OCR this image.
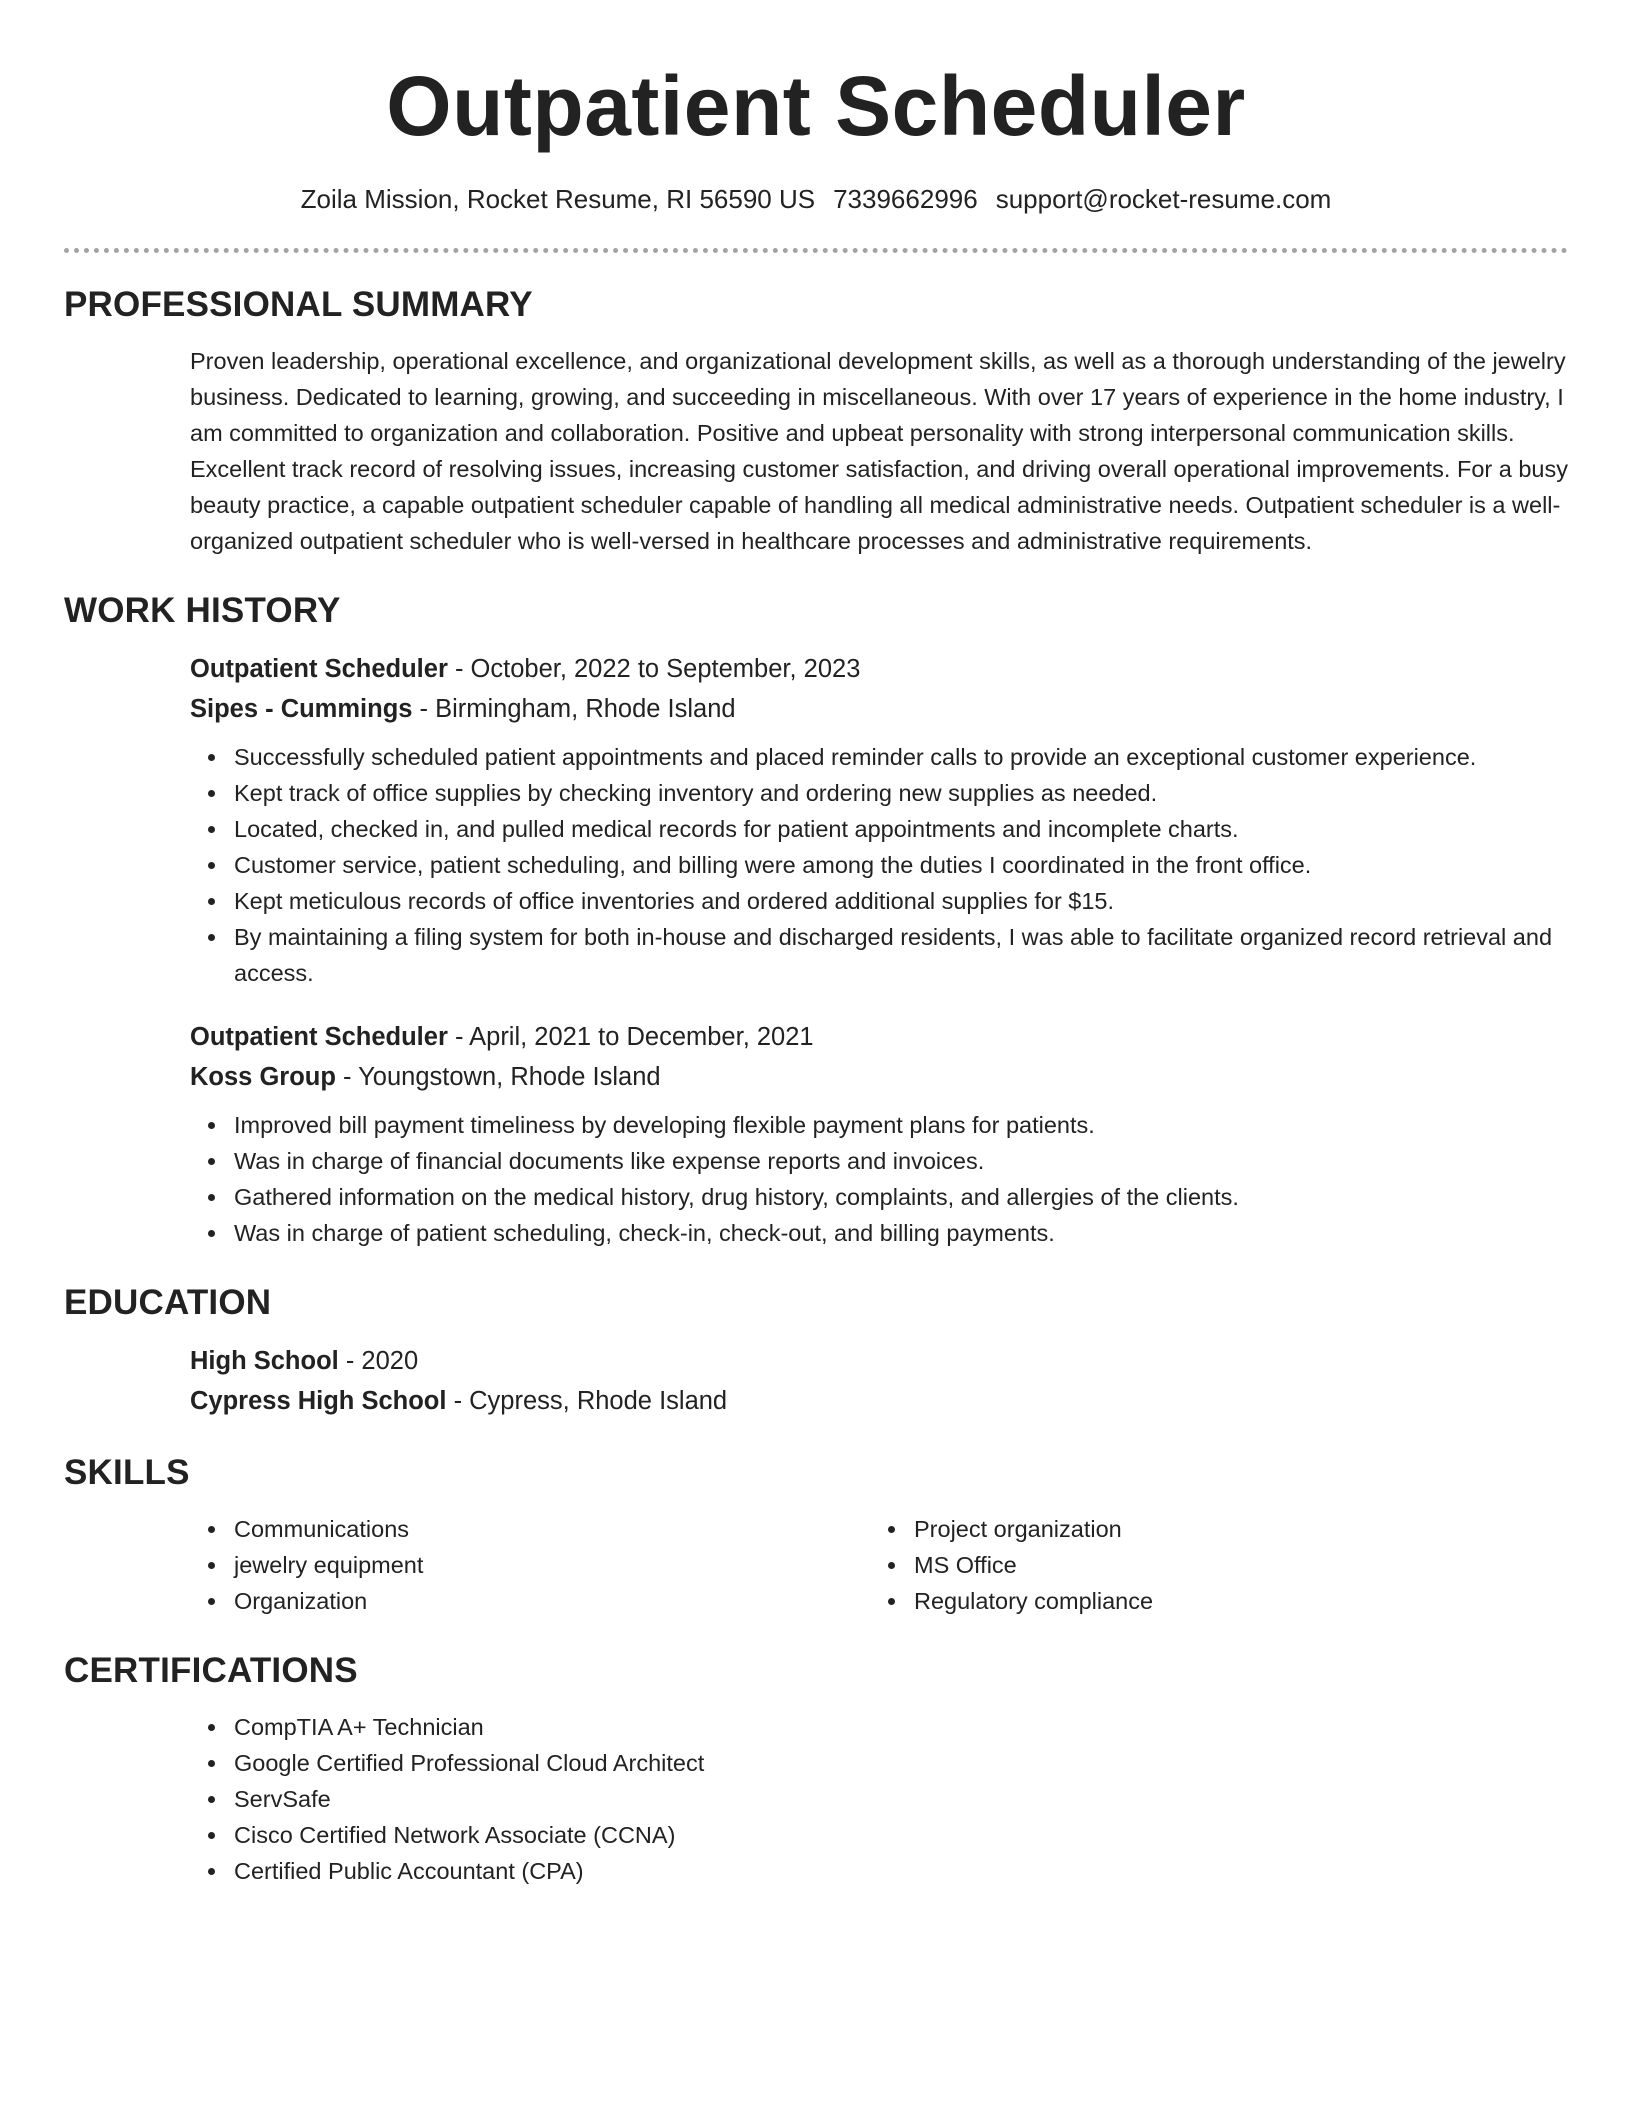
Outpatient Scheduler
Zoila Mission, Rocket Resume, RI 56590 US 7339662996 support@rocket-resume.com
PROFESSIONAL SUMMARY

Proven leadership, operational excellence, and organizational development skills, as well as a thorough understanding of the jewelry business. Dedicated to learning, growing, and succeeding in miscellaneous. With over 17 years of experience in the home industry, I am committed to organization and collaboration. Positive and upbeat personality with strong interpersonal communication skills. Excellent track record of resolving issues, increasing customer satisfaction, and driving overall operational improvements. For a busy beauty practice, a capable outpatient scheduler capable of handling all medical administrative needs. Outpatient scheduler is a well-organized outpatient scheduler who is well-versed in healthcare processes and administrative requirements.

WORK HISTORY
Outpatient Scheduler - October, 2022 to September, 2023
Sipes - Cummings - Birmingham, Rhode Island
Successfully scheduled patient appointments and placed reminder calls to provide an exceptional customer experience.
Kept track of office supplies by checking inventory and ordering new supplies as needed.
Located, checked in, and pulled medical records for patient appointments and incomplete charts.
Customer service, patient scheduling, and billing were among the duties I coordinated in the front office.
Kept meticulous records of office inventories and ordered additional supplies for $15.
By maintaining a filing system for both in-house and discharged residents, I was able to facilitate organized record retrieval and access.
Outpatient Scheduler - April, 2021 to December, 2021
Koss Group - Youngstown, Rhode Island
Improved bill payment timeliness by developing flexible payment plans for patients.
Was in charge of financial documents like expense reports and invoices.
Gathered information on the medical history, drug history, complaints, and allergies of the clients.
Was in charge of patient scheduling, check-in, check-out, and billing payments.
EDUCATION
High School - 2020
Cypress High School - Cypress, Rhode Island
SKILLS
Communications
jewelry equipment
Organization
Project organization
MS Office
Regulatory compliance
CERTIFICATIONS
CompTIA A+ Technician
Google Certified Professional Cloud Architect
ServSafe
Cisco Certified Network Associate (CCNA)
Certified Public Accountant (CPA)
